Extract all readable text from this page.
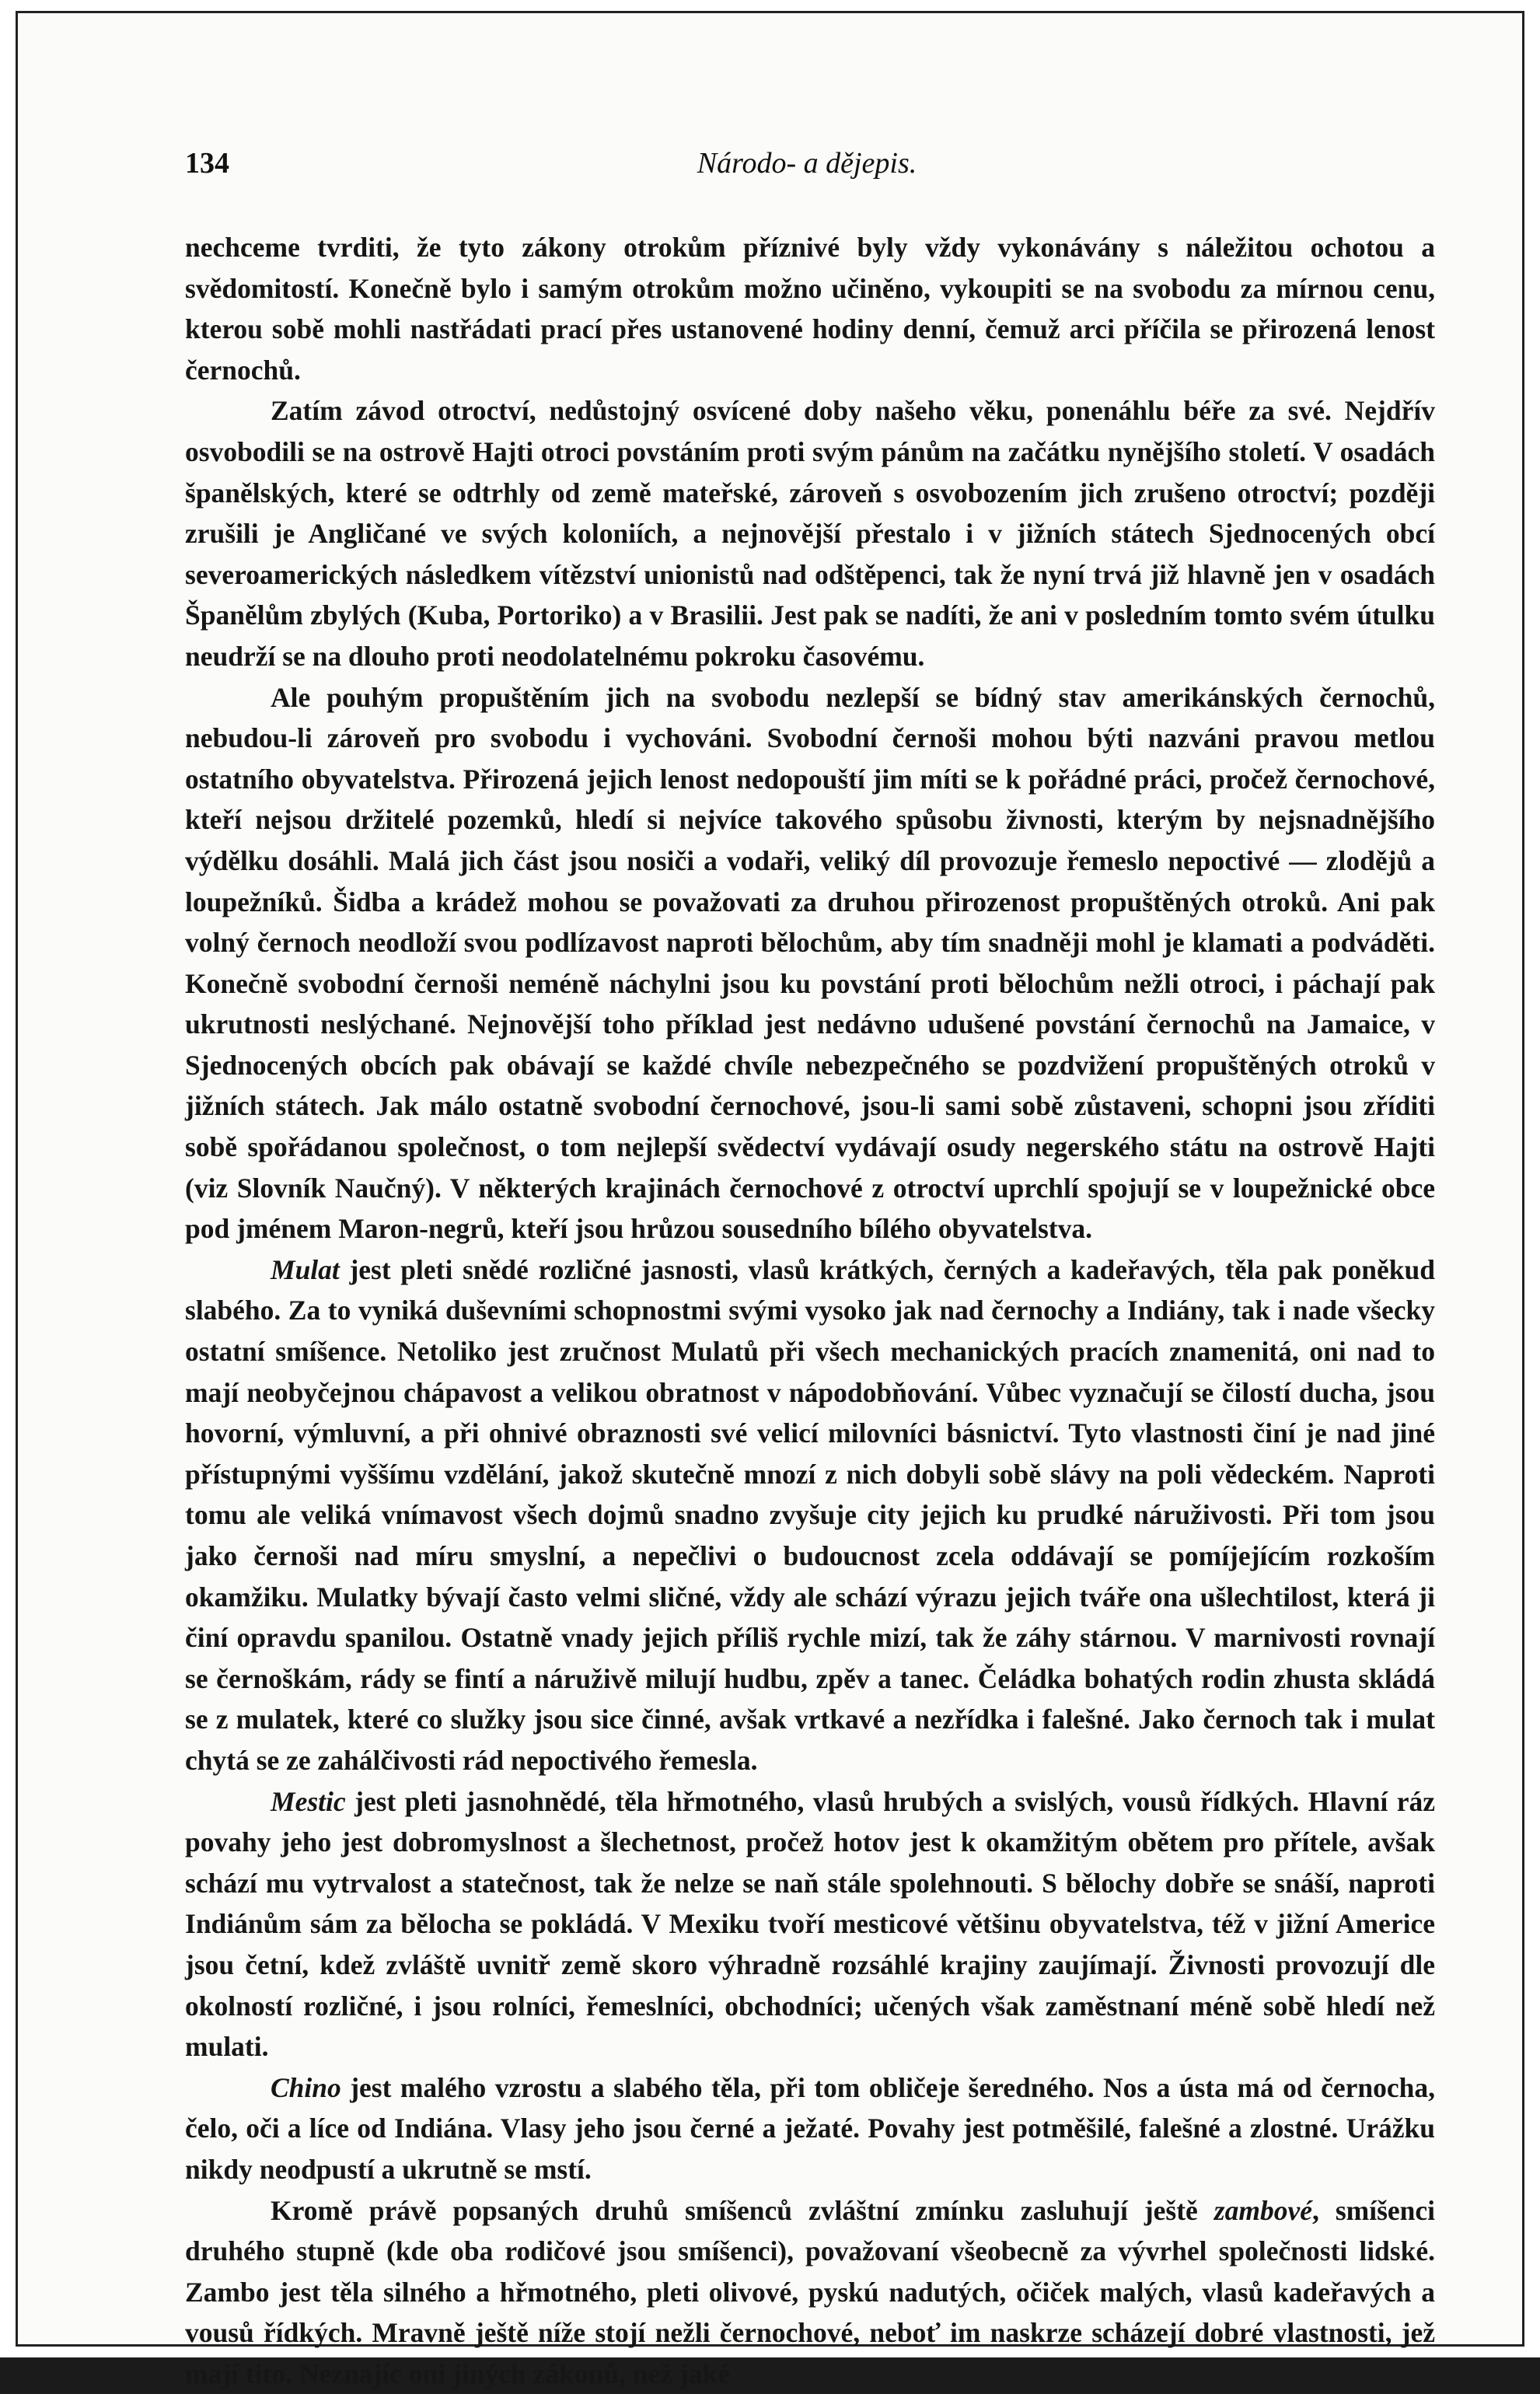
134	Národo- a dějepis.

nechceme tvrditi, že tyto zákony otrokům příznivé byly vždy vykonávány s náležitou ochotou a svědomitostí. Konečně bylo i samým otrokům možno učiněno, vykoupiti se na svobodu za mírnou cenu, kterou sobě mohli nastřádati prací přes ustanovené hodiny denní, čemuž arci příčila se přirozená lenost černochů.

Zatím závod otroctví, nedůstojný osvícené doby našeho věku, ponenáhlu béře za své. Nejdřív osvobodili se na ostrově Hajti otroci povstáním proti svým pánům na začátku nynějšího století. V osadách španělských, které se odtrhly od země mateřské, zároveň s osvobozením jich zrušeno otroctví; později zrušili je Angličané ve svých koloniích, a nejnovější přestalo i v jižních státech Sjednocených obcí severoamerických následkem vítězství unionistů nad odštěpenci, tak že nyní trvá již hlavně jen v osadách Španělům zbylých (Kuba, Portoriko) a v Brasilii. Jest pak se nadíti, že ani v posledním tomto svém útulku neudrží se na dlouho proti neodolatelnému pokroku časovému.

Ale pouhým propuštěním jich na svobodu nezlepší se bídný stav amerikánských černochů, nebudou-li zároveň pro svobodu i vychováni. Svobodní černoši mohou býti nazváni pravou metlou ostatního obyvatelstva. Přirozená jejich lenost nedopouští jim míti se k pořádné práci, pročež černochové, kteří nejsou držitelé pozemků, hledí si nejvíce takového spůsobu živnosti, kterým by nejsnadnějšího výdělku dosáhli. Malá jich část jsou nosiči a vodaři, veliký díl provozuje řemeslo nepoctivé — zlodějů a loupežníků. Šidba a krádež mohou se považovati za druhou přirozenost propuštěných otroků. Ani pak volný černoch neodloží svou podlízavost naproti bělochům, aby tím snadněji mohl je klamati a podváděti. Konečně svobodní černoši neméně náchylni jsou ku povstání proti bělochům nežli otroci, i páchají pak ukrutnosti neslýchané. Nejnovější toho příklad jest nedávno udušené povstání černochů na Jamaice, v Sjednocených obcích pak obávají se každé chvíle nebezpečného se pozdvižení propuštěných otroků v jižních státech. Jak málo ostatně svobodní černochové, jsou-li sami sobě zůstaveni, schopni jsou zříditi sobě spořádanou společnost, o tom nejlepší svědectví vydávají osudy negerského státu na ostrově Hajti (viz Slovník Naučný). V některých krajinách černochové z otroctví uprchlí spojují se v loupežnické obce pod jménem Maron-negrů, kteří jsou hrůzou sousedního bílého obyvatelstva.

Mulat jest pleti snědé rozličné jasnosti, vlasů krátkých, černých a kadeřavých, těla pak poněkud slabého. Za to vyniká duševními schopnostmi svými vysoko jak nad černochy a Indiány, tak i nade všecky ostatní smíšence. Netoliko jest zručnost Mulatů při všech mechanických pracích znamenitá, oni nad to mají neobyčejnou chápavost a velikou obratnost v nápodobňování. Vůbec vyznačují se čilostí ducha, jsou hovorní, výmluvní, a při ohnivé obraznosti své velicí milovníci básnictví. Tyto vlastnosti činí je nad jiné přístupnými vyššímu vzdělání, jakož skutečně mnozí z nich dobyli sobě slávy na poli vědeckém. Naproti tomu ale veliká vnímavost všech dojmů snadno zvyšuje city jejich ku prudké náruživosti. Při tom jsou jako černoši nad míru smyslní, a nepečlivi o budoucnost zcela oddávají se pomíjejícím rozkoším okamžiku. Mulatky bývají často velmi sličné, vždy ale schází výrazu jejich tváře ona ušlechtilost, která ji činí opravdu spanilou. Ostatně vnady jejich příliš rychle mizí, tak že záhy stárnou. V marnivosti rovnají se černoškám, rády se fintí a náruživě milují hudbu, zpěv a tanec. Čeládka bohatých rodin zhusta skládá se z mulatek, které co služky jsou sice činné, avšak vrtkavé a nezřídka i falešné. Jako černoch tak i mulat chytá se ze zahálčivosti rád nepoctivého řemesla.

Mestic jest pleti jasnohnědé, těla hřmotného, vlasů hrubých a svislých, vousů řídkých. Hlavní ráz povahy jeho jest dobromyslnost a šlechetnost, pročež hotov jest k okamžitým obětem pro přítele, avšak schází mu vytrvalost a statečnost, tak že nelze se naň stále spolehnouti. S bělochy dobře se snáší, naproti Indiánům sám za bělocha se pokládá. V Mexiku tvoří mesticové většinu obyvatelstva, též v jižní Americe jsou četní, kdež zvláště uvnitř země skoro výhradně rozsáhlé krajiny zaujímají. Živnosti provozují dle okolností rozličné, i jsou rolníci, řemeslníci, obchodníci; učených však zaměstnaní méně sobě hledí než mulati.

Chino jest malého vzrostu a slabého těla, při tom obličeje šeredného. Nos a ústa má od černocha, čelo, oči a líce od Indiána. Vlasy jeho jsou černé a ježaté. Povahy jest potměšilé, falešné a zlostné. Urážku nikdy neodpustí a ukrutně se mstí.

Kromě právě popsaných druhů smíšenců zvláštní zmínku zasluhují ještě zambové, smíšenci druhého stupně (kde oba rodičové jsou smíšenci), považovaní všeobecně za vývrhel společnosti lidské. Zambo jest těla silného a hřmotného, pleti olivové, pyskú nadutých, očiček malých, vlasů kadeřavých a vousů řídkých. Mravně ještě níže stojí nežli černochové, neboť im naskrze scházejí dobré vlastnosti, jež mají tito. Neznajíc oni jiných zákonů, než jaké
